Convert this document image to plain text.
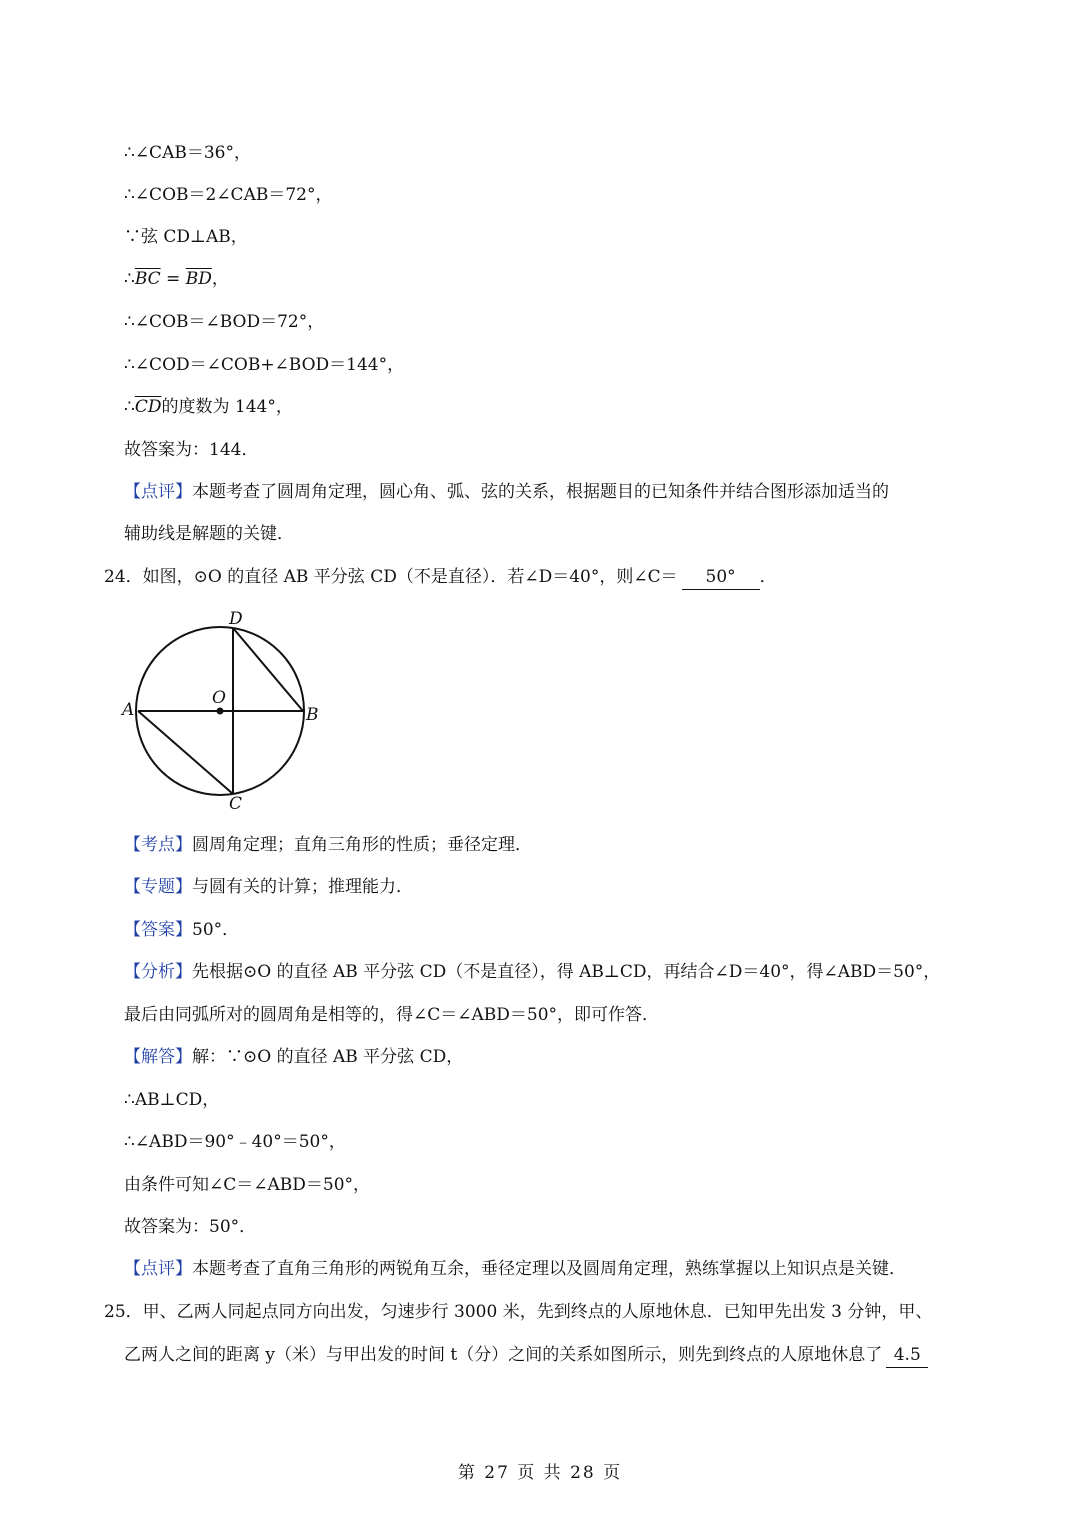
∴∠CAB＝36°，
∴∠COB＝2∠CAB＝72°，
∵弦 CD⊥AB，
$\therefore\overline{BC} = \overline{BD}$，
∴∠COB＝∠BOD＝72°，
∴∠COD＝∠COB+∠BOD＝144°，
$\therefore\overline{CD}$的度数为 144°，
故答案为：144．
【点评】本题考查了圆周角定理，圆心角、弧、弦的关系，根据题目的已知条件并结合图形添加适当的
辅助线是解题的关键．
24．如图，⊙O 的直径 AB 平分弦 CD（不是直径）．若∠D＝40°，则∠C＝ 50° ．
D
O
A	B
C
【考点】圆周角定理；直角三角形的性质；垂径定理．
【专题】与圆有关的计算；推理能力．
【答案】50°．
【分析】先根据⊙O 的直径 AB 平分弦 CD（不是直径），得 AB⊥CD，再结合∠D＝40°，得∠ABD＝50°，
最后由同弧所对的圆周角是相等的，得∠C＝∠ABD＝50°，即可作答．
【解答】解：∵⊙O 的直径 AB 平分弦 CD，
∴AB⊥CD，
∴∠ABD＝90°﹣40°＝50°，
由条件可知∠C＝∠ABD＝50°，
故答案为：50°．
【点评】本题考查了直角三角形的两锐角互余，垂径定理以及圆周角定理，熟练掌握以上知识点是关键．
25．甲、乙两人同起点同方向出发，匀速步行 3000 米，先到终点的人原地休息．已知甲先出发 3 分钟，甲、
乙两人之间的距离 y（米）与甲出发的时间 t（分）之间的关系如图所示，则先到终点的人原地休息了 4.5
第 27 页 共 28 页
